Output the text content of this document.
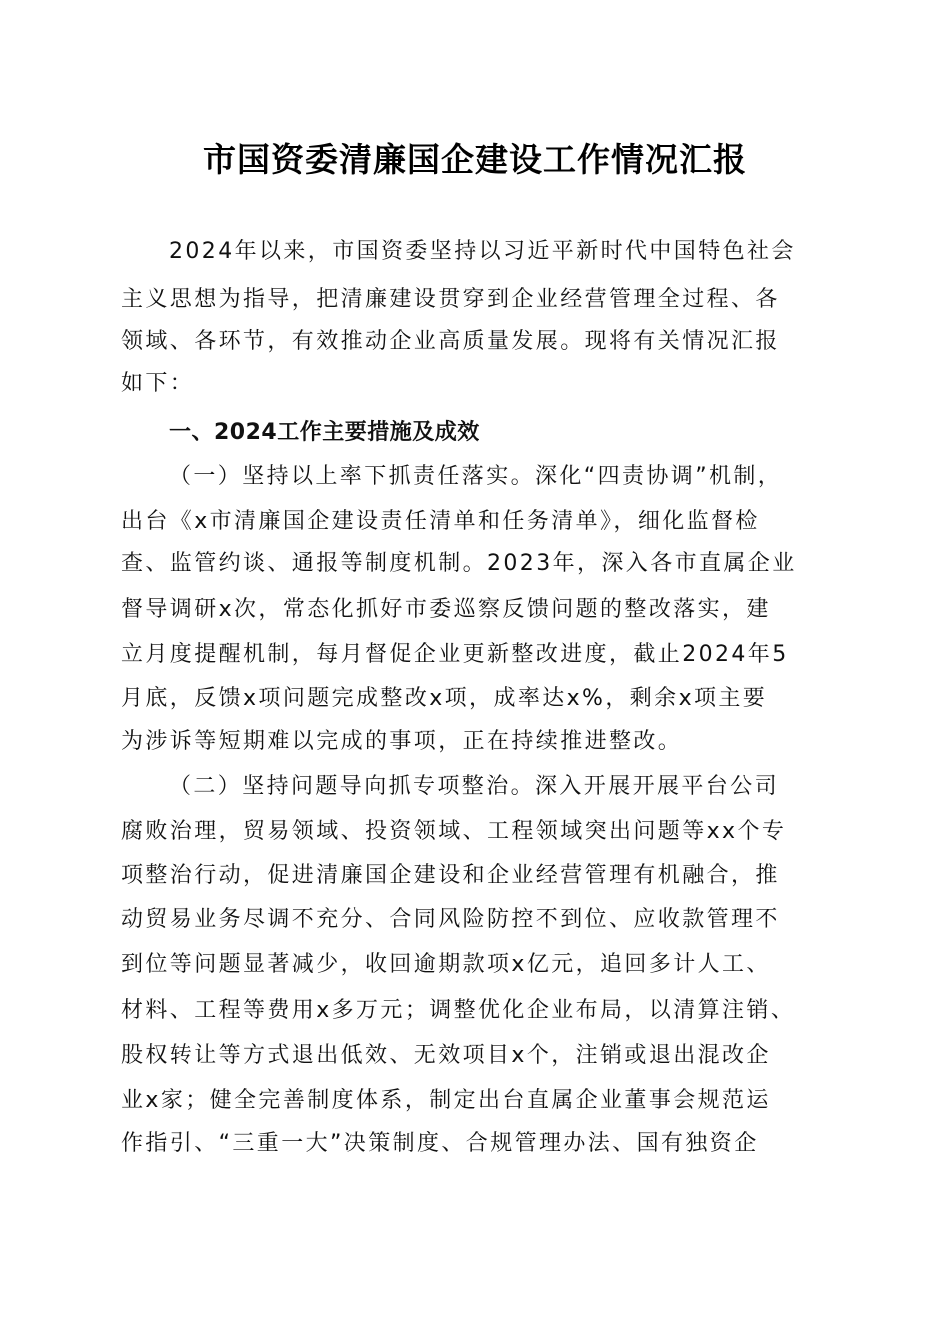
市国资委清廉国企建设工作情况汇报
2024年以来，市国资委坚持以习近平新时代中国特色社会
主义思想为指导，把清廉建设贯穿到企业经营管理全过程、各
领域、各环节，有效推动企业高质量发展。现将有关情况汇报
如下：
一、2024工作主要措施及成效
（一）坚持以上率下抓责任落实。深化“四责协调”机制，
出台《x市清廉国企建设责任清单和任务清单》，细化监督检
查、监管约谈、通报等制度机制。2023年，深入各市直属企业
督导调研x次，常态化抓好市委巡察反馈问题的整改落实，建
立月度提醒机制，每月督促企业更新整改进度，截止2024年5
月底，反馈x项问题完成整改x项，成率达x%，剩余x项主要
为涉诉等短期难以完成的事项，正在持续推进整改。
（二）坚持问题导向抓专项整治。深入开展开展平台公司
腐败治理，贸易领域、投资领域、工程领域突出问题等xx个专
项整治行动，促进清廉国企建设和企业经营管理有机融合，推
动贸易业务尽调不充分、合同风险防控不到位、应收款管理不
到位等问题显著减少，收回逾期款项x亿元，追回多计人工、
材料、工程等费用x多万元；调整优化企业布局，以清算注销、
股权转让等方式退出低效、无效项目x个，注销或退出混改企
业x家；健全完善制度体系，制定出台直属企业董事会规范运
作指引、“三重一大”决策制度、合规管理办法、国有独资企
